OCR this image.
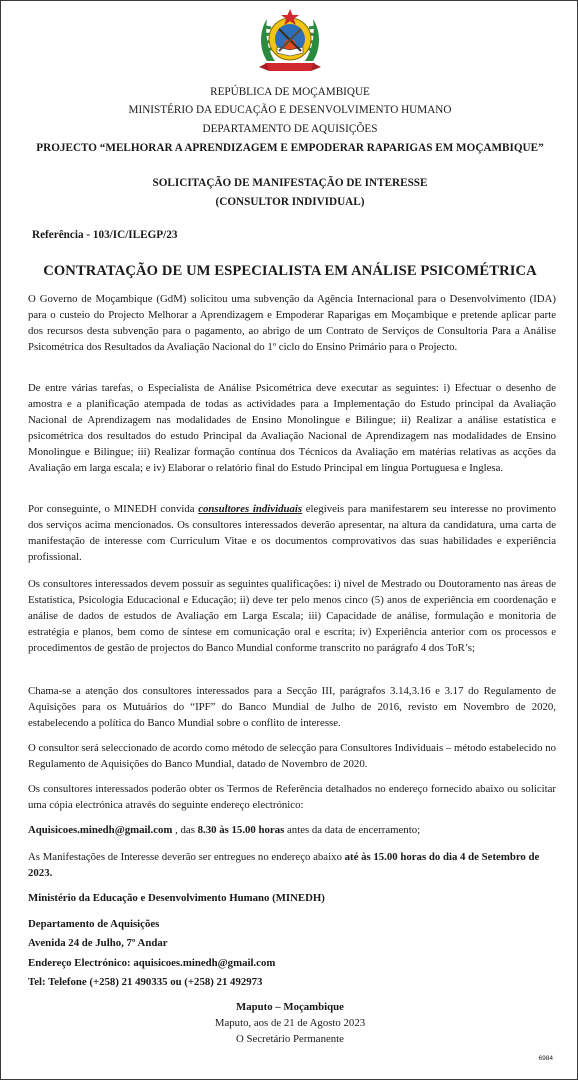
REPÚBLICA DE MOÇAMBIQUE
MINISTÉRIO DA EDUCAÇÃO E DESENVOLVIMENTO HUMANO
DEPARTAMENTO DE AQUISIÇÕES
PROJECTO “MELHORAR A APRENDIZAGEM E EMPODERAR RAPARIGAS EM MOÇAMBIQUE”
SOLICITAÇÃO DE MANIFESTAÇÃO DE INTERESSE
(CONSULTOR INDIVIDUAL)
Referência - 103/IC/ILEGP/23
CONTRATAÇÃO DE UM ESPECIALISTA EM ANÁLISE PSICOMÉTRICA

O Governo de Moçambique (GdM) solicitou uma subvenção da Agência Internacional para o Desenvolvimento (IDA) para o custeio do Projecto Melhorar a Aprendizagem e Empoderar Raparigas em Moçambique e pretende aplicar parte dos recursos desta subvenção para o pagamento, ao abrigo de um Contrato de Serviços de Consultoria Para a Análise Psicométrica dos Resultados da Avaliação Nacional do 1º ciclo do Ensino Primário para o Projecto.

De entre várias tarefas, o Especialista de Análise Psicométrica deve executar as seguintes: i) Efectuar o desenho de amostra e a planificação atempada de todas as actividades para a Implementação do Estudo principal da Avaliação Nacional de Aprendizagem nas modalidades de Ensino Monolingue e Bilingue; ii) Realizar a análise estatística e psicométrica dos resultados do estudo Principal da Avaliação Nacional de Aprendizagem nas modalidades de Ensino Monolingue e Bilingue; iii) Realizar formação contínua dos Técnicos da Avaliação em matérias relativas as acções da Avaliação em larga escala; e iv) Elaborar o relatório final do Estudo Principal em língua Portuguesa e Inglesa.

Por conseguinte, o MINEDH convida consultores individuais elegíveis para manifestarem seu interesse no provimento dos serviços acima mencionados. Os consultores interessados deverão apresentar, na altura da candidatura, uma carta de manifestação de interesse com Curriculum Vitae e os documentos comprovativos das suas habilidades e experiência profissional.

Os consultores interessados devem possuir as seguintes qualificações: i) nível de Mestrado ou Doutoramento nas áreas de Estatística, Psicologia Educacional e Educação; ii) deve ter pelo menos cinco (5) anos de experiência em coordenação e análise de dados de estudos de Avaliação em Larga Escala; iii) Capacidade de análise, formulação e monitoria de estratégia e planos, bem como de síntese em comunicação oral e escrita; iv) Experiência anterior com os processos e procedimentos de gestão de projectos do Banco Mundial conforme transcrito no parágrafo 4 dos ToR’s;

Chama-se a atenção dos consultores interessados para a Secção III, parágrafos 3.14,3.16 e 3.17 do Regulamento de Aquisições para os Mutuários do “IPF” do Banco Mundial de Julho de 2016, revisto em Novembro de 2020, estabelecendo a política do Banco Mundial sobre o conflito de interesse.

O consultor será seleccionado de acordo como método de selecção para Consultores Individuais – método estabelecido no Regulamento de Aquisições do Banco Mundial, datado de Novembro de 2020.

Os consultores interessados poderão obter os Termos de Referência detalhados no endereço fornecido abaixo ou solicitar uma cópia electrónica através do seguinte endereço electrónico:

Aquisicoes.minedh@gmail.com , das 8.30 às 15.00 horas antes da data de encerramento;

As Manifestações de Interesse deverão ser entregues no endereço abaixo até às 15.00 horas do dia 4 de Setembro de 2023.

Ministério da Educação e Desenvolvimento Humano (MINEDH)
Departamento de Aquisições
Avenida 24 de Julho, 7º Andar
Endereço Electrónico: aquisicoes.minedh@gmail.com
Tel: Telefone (+258) 21 490335 ou (+258) 21 492973
Maputo – Moçambique
Maputo, aos de 21 de Agosto 2023
O Secretário Permanente
6984
